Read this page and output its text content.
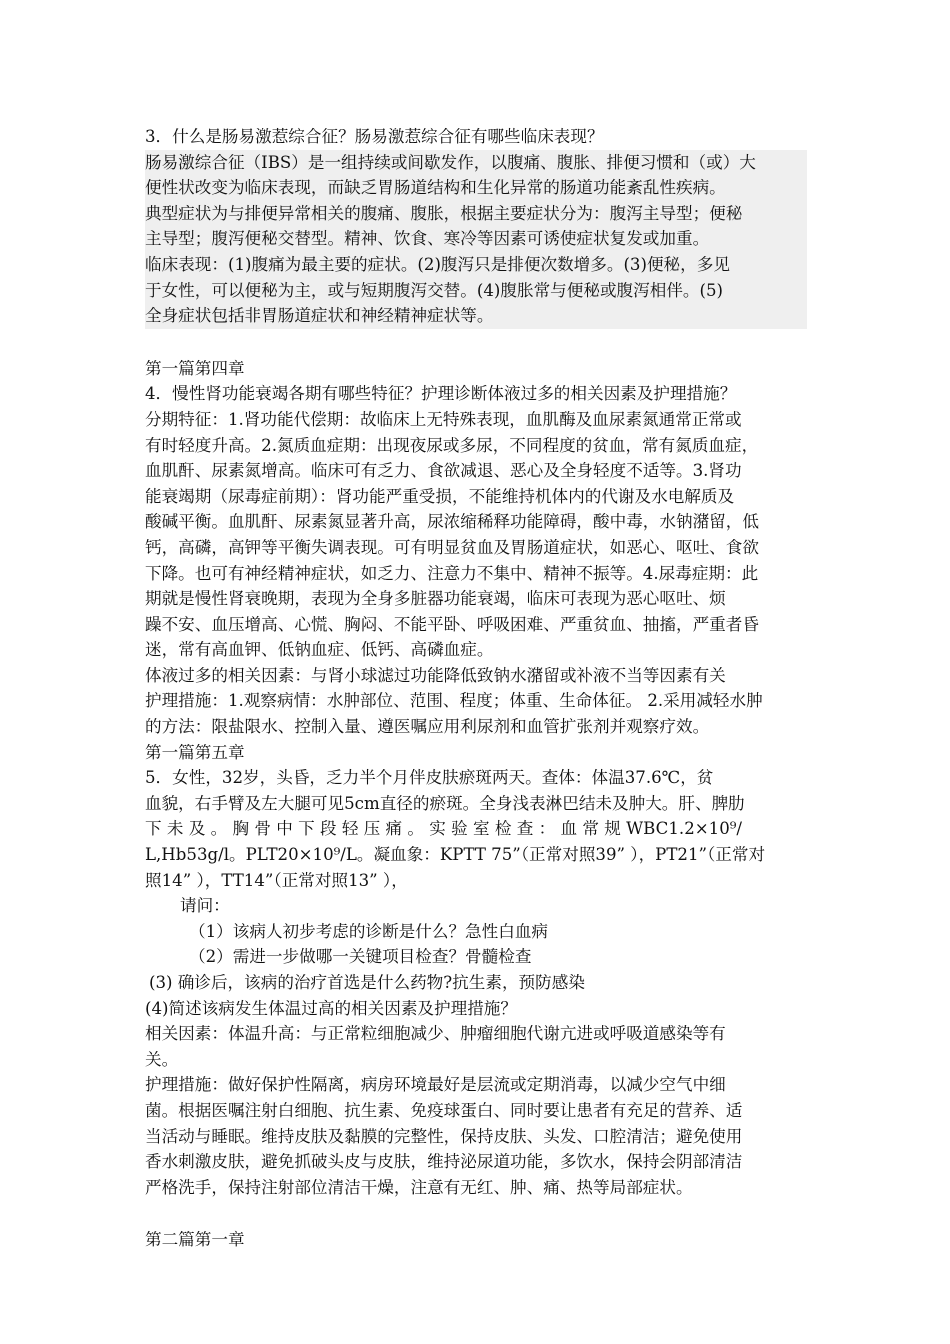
3．什么是肠易激惹综合征？肠易激惹综合征有哪些临床表现？
肠易激综合征（IBS）是一组持续或间歇发作，以腹痛、腹胀、排便习惯和（或）大
便性状改变为临床表现，而缺乏胃肠道结构和生化异常的肠道功能紊乱性疾病。
典型症状为与排便异常相关的腹痛、腹胀，根据主要症状分为：腹泻主导型；便秘
主导型；腹泻便秘交替型。精神、饮食、寒冷等因素可诱使症状复发或加重。
临床表现：(1)腹痛为最主要的症状。(2)腹泻只是排便次数增多。(3)便秘，多见
于女性，可以便秘为主，或与短期腹泻交替。(4)腹胀常与便秘或腹泻相伴。(5)
全身症状包括非胃肠道症状和神经精神症状等。
第一篇第四章
4．慢性肾功能衰竭各期有哪些特征？护理诊断体液过多的相关因素及护理措施？
分期特征：1.肾功能代偿期：故临床上无特殊表现，血肌酶及血尿素氮通常正常或
有时轻度升高。2.氮质血症期：出现夜尿或多尿，不同程度的贫血，常有氮质血症，
血肌酐、尿素氮增高。临床可有乏力、食欲减退、恶心及全身轻度不适等。3.肾功
能衰竭期（尿毒症前期）：肾功能严重受损，不能维持机体内的代谢及水电解质及
酸碱平衡。血肌酐、尿素氮显著升高，尿浓缩稀释功能障碍，酸中毒，水钠潴留，低
钙，高磷，高钾等平衡失调表现。可有明显贫血及胃肠道症状，如恶心、呕吐、食欲
下降。也可有神经精神症状，如乏力、注意力不集中、精神不振等。4.尿毒症期：此
期就是慢性肾衰晚期，表现为全身多脏器功能衰竭，临床可表现为恶心呕吐、烦
躁不安、血压增高、心慌、胸闷、不能平卧、呼吸困难、严重贫血、抽搐，严重者昏
迷，常有高血钾、低钠血症、低钙、高磷血症。
体液过多的相关因素：与肾小球滤过功能降低致钠水潴留或补液不当等因素有关
护理措施：1.观察病情：水肿部位、范围、程度；体重、生命体征。 2.采用减轻水肿
的方法：限盐限水、控制入量、遵医嘱应用利尿剂和血管扩张剂并观察疗效。
第一篇第五章
5．女性，32岁，头昏，乏力半个月伴皮肤瘀斑两天。查体：体温37.6℃，贫
血貌，右手臂及左大腿可见5cm直径的瘀斑。全身浅表淋巴结未及肿大。肝、脾肋
下 未 及 。 胸 骨 中 下 段 轻 压 痛 。 实 验 室 检 查 ： 血 常 规 WBC1.2×10⁹/
L,Hb53g/l。PLT20×10⁹/L。凝血象：KPTT 75”（正常对照39” ），PT21”（正常对
照14” ），TT14”（正常对照13” ），
请问：
（1）该病人初步考虑的诊断是什么？急性白血病
（2）需进一步做哪一关键项目检查？骨髓检查
(3) 确诊后，该病的治疗首选是什么药物?抗生素，预防感染
(4)简述该病发生体温过高的相关因素及护理措施？
相关因素：体温升高：与正常粒细胞减少、肿瘤细胞代谢亢进或呼吸道感染等有
关。
护理措施：做好保护性隔离，病房环境最好是层流或定期消毒，以减少空气中细
菌。根据医嘱注射白细胞、抗生素、免疫球蛋白、同时要让患者有充足的营养、适
当活动与睡眠。维持皮肤及黏膜的完整性，保持皮肤、头发、口腔清洁；避免使用
香水刺激皮肤，避免抓破头皮与皮肤，维持泌尿道功能，多饮水，保持会阴部清洁
严格洗手，保持注射部位清洁干燥，注意有无红、肿、痛、热等局部症状。
第二篇第一章
